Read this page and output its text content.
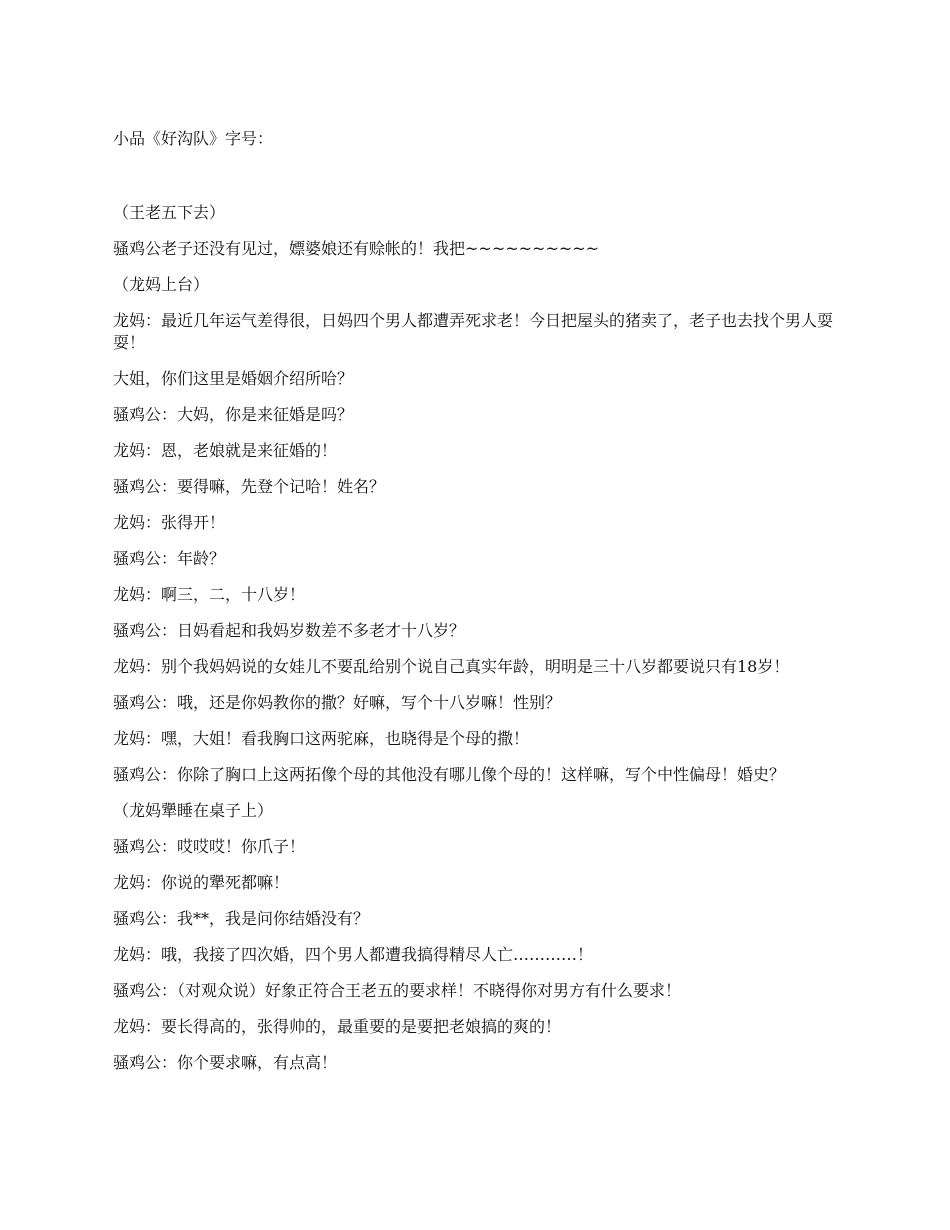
小品《好沟队》字号：

（王老五下去）

骚鸡公老子还没有见过，嫖婆娘还有赊帐的！我把~~~~~~~~~~

（龙妈上台）

龙妈：最近几年运气差得很，日妈四个男人都遭弄死求老！今日把屋头的猪卖了，老子也去找个男人耍耍！

大姐，你们这里是婚姻介绍所哈？

骚鸡公：大妈，你是来征婚是吗？

龙妈：恩，老娘就是来征婚的！

骚鸡公：要得嘛，先登个记哈！姓名？

龙妈：张得开！

骚鸡公：年龄？

龙妈：啊三，二，十八岁！

骚鸡公：日妈看起和我妈岁数差不多老才十八岁？

龙妈：别个我妈妈说的女娃儿不要乱给别个说自己真实年龄，明明是三十八岁都要说只有18岁！

骚鸡公：哦，还是你妈教你的撒？好嘛，写个十八岁嘛！性别？

龙妈：嘿，大姐！看我胸口这两驼麻，也晓得是个母的撒！

骚鸡公：你除了胸口上这两拓像个母的其他没有哪儿像个母的！这样嘛，写个中性偏母！婚史？

（龙妈犟睡在桌子上）

骚鸡公：哎哎哎！你爪子！

龙妈：你说的犟死都嘛！

骚鸡公：我**，我是问你结婚没有？

龙妈：哦，我接了四次婚，四个男人都遭我搞得精尽人亡…………！

骚鸡公：（对观众说）好象正符合王老五的要求样！不晓得你对男方有什么要求！

龙妈：要长得高的，张得帅的，最重要的是要把老娘搞的爽的！

骚鸡公：你个要求嘛，有点高！
